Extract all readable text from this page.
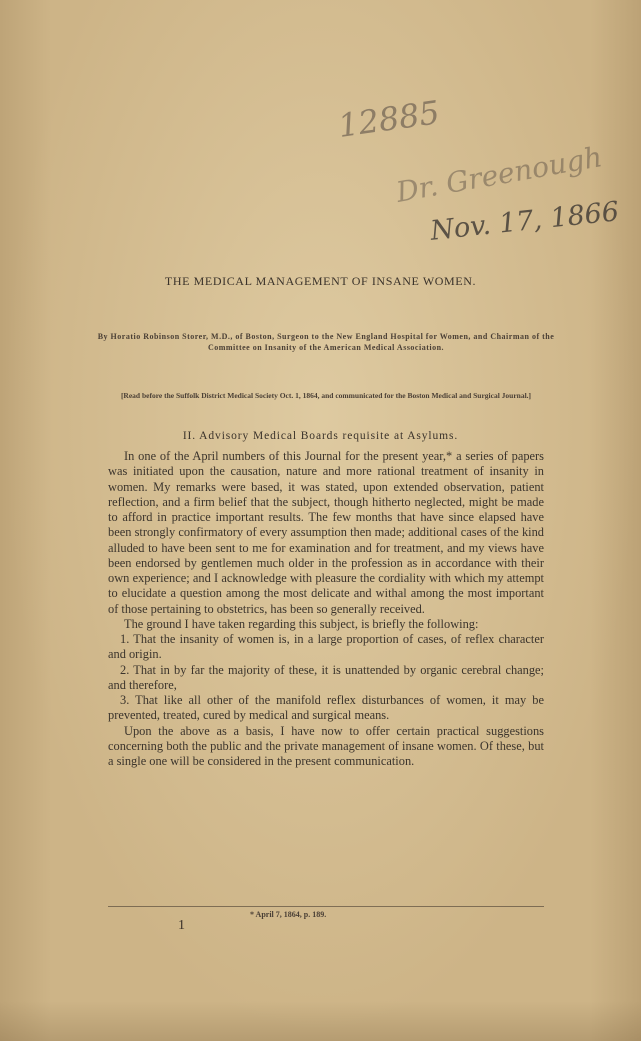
12885
Dr. Greenough
Nov. 17, 1866
THE MEDICAL MANAGEMENT OF INSANE WOMEN.
By Horatio Robinson Storer, M.D., of Boston, Surgeon to the New England Hospital for Women, and Chairman of the Committee on Insanity of the American Medical Association.
[Read before the Suffolk District Medical Society Oct. 1, 1864, and communicated for the Boston Medical and Surgical Journal.]
II. Advisory Medical Boards requisite at Asylums.

In one of the April numbers of this Journal for the present year,* a series of papers was initiated upon the causation, nature and more rational treatment of insanity in women. My remarks were based, it was stated, upon extended observation, patient reflection, and a firm belief that the subject, though hitherto neglected, might be made to afford in practice important results. The few months that have since elapsed have been strongly confirmatory of every assumption then made; additional cases of the kind alluded to have been sent to me for examination and for treatment, and my views have been endorsed by gentlemen much older in the profession as in accordance with their own experience; and I acknowledge with pleasure the cordiality with which my attempt to elucidate a question among the most delicate and withal among the most important of those pertaining to obstetrics, has been so generally received.

The ground I have taken regarding this subject, is briefly the following:

1. That the insanity of women is, in a large proportion of cases, of reflex character and origin.

2. That in by far the majority of these, it is unattended by organic cerebral change; and therefore,

3. That like all other of the manifold reflex disturbances of women, it may be prevented, treated, cured by medical and surgical means.

Upon the above as a basis, I have now to offer certain practical suggestions concerning both the public and the private management of insane women. Of these, but a single one will be considered in the present communication.

* April 7, 1864, p. 189.
1
